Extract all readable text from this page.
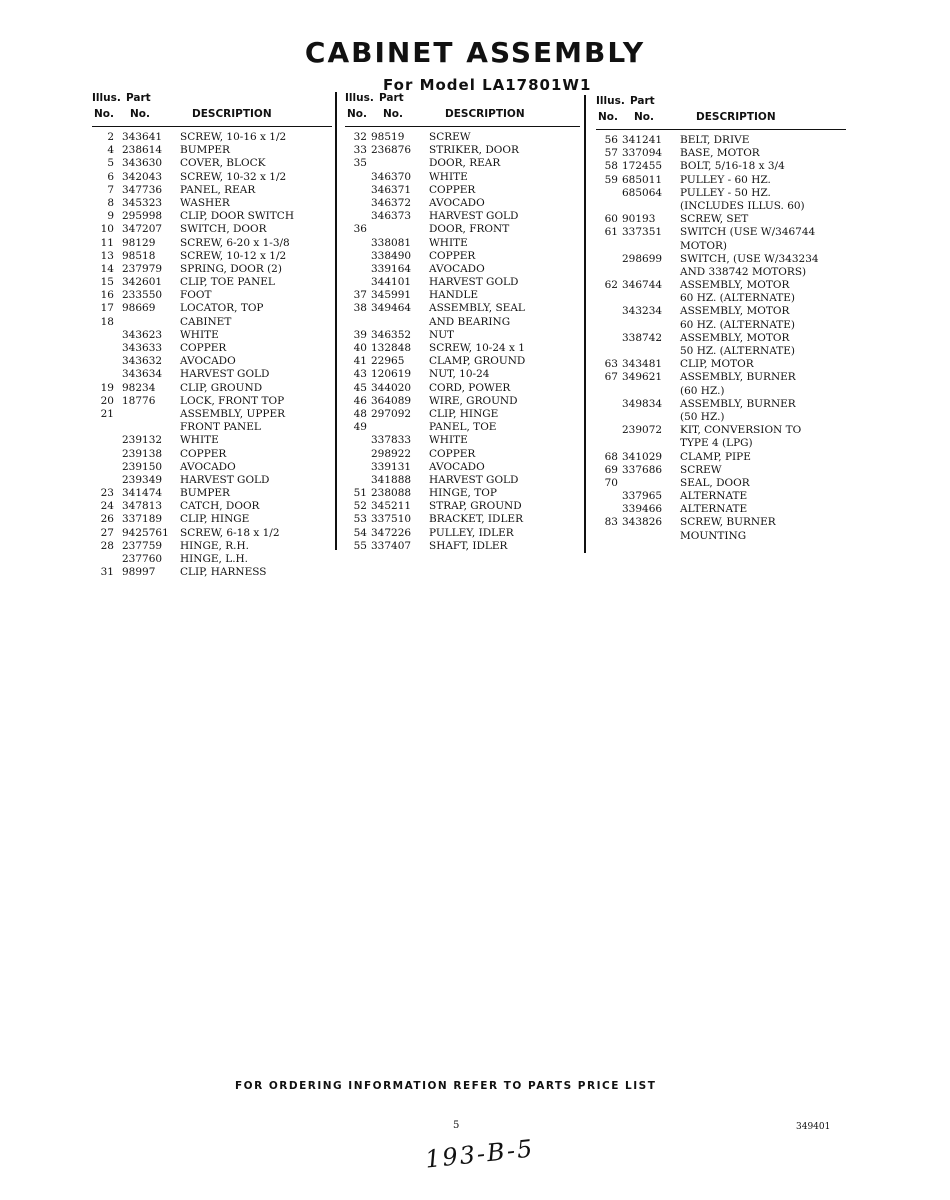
CABINET ASSEMBLY
For Model LA17801W1
Illus. Part
No. No.	DESCRIPTION
2 343641 SCREW, 10-16 x 1/2
4 238614 BUMPER
5 343630 COVER, BLOCK
6 342043 SCREW, 10-32 x 1/2
7 347736 PANEL, REAR
8 345323 WASHER
9 295998 CLIP, DOOR SWITCH
10 347207 SWITCH, DOOR
11 98129 SCREW, 6-20 x 1-3/8
13 98518 SCREW, 10-12 x 1/2
14 237979 SPRING, DOOR (2)
15 342601 CLIP, TOE PANEL
16 233550 FOOT
17 98669 LOCATOR, TOP
18	CABINET
343623 WHITE
343633 COPPER
343632 AVOCADO
343634 HARVEST GOLD
19 98234 CLIP, GROUND
20 18776 LOCK, FRONT TOP
21	ASSEMBLY, UPPER
FRONT PANEL
239132 WHITE
239138 COPPER
239150 AVOCADO
239349 HARVEST GOLD
23 341474 BUMPER
24 347813 CATCH, DOOR
26 337189 CLIP, HINGE
27 9425761 SCREW, 6-18 x 1/2
28 237759 HINGE, R.H.
237760 HINGE, L.H.
31 98997 CLIP, HARNESS
Illus. Part
No. No.	DESCRIPTION
32 98519 SCREW
33 236876 STRIKER, DOOR
35	DOOR, REAR
346370 WHITE
346371 COPPER
346372 AVOCADO
346373 HARVEST GOLD
36	DOOR, FRONT
338081 WHITE
338490 COPPER
339164 AVOCADO
344101 HARVEST GOLD
37 345991 HANDLE
38 349464 ASSEMBLY, SEAL
AND BEARING
39 346352 NUT
40 132848 SCREW, 10-24 x 1
41 22965 CLAMP, GROUND
43 120619 NUT, 10-24
45 344020 CORD, POWER
46 364089 WIRE, GROUND
48 297092 CLIP, HINGE
49	PANEL, TOE
337833 WHITE
298922 COPPER
339131 AVOCADO
341888 HARVEST GOLD
51 238088 HINGE, TOP
52 345211 STRAP, GROUND
53 337510 BRACKET, IDLER
54 347226 PULLEY, IDLER
55 337407 SHAFT, IDLER
Illus. Part
No. No.	DESCRIPTION
56 341241 BELT, DRIVE
57 337094 BASE, MOTOR
58 172455 BOLT, 5/16-18 x 3/4
59 685011 PULLEY - 60 HZ.
685064 PULLEY - 50 HZ.
(INCLUDES ILLUS. 60)
60 90193 SCREW, SET
61 337351 SWITCH (USE W/346744
MOTOR)
298699 SWITCH, (USE W/343234
AND 338742 MOTORS)
62 346744 ASSEMBLY, MOTOR
60 HZ. (ALTERNATE)
343234 ASSEMBLY, MOTOR
60 HZ. (ALTERNATE)
338742 ASSEMBLY, MOTOR
50 HZ. (ALTERNATE)
63 343481 CLIP, MOTOR
67 349621 ASSEMBLY, BURNER
(60 HZ.)
349834 ASSEMBLY, BURNER
(50 HZ.)
239072 KIT, CONVERSION TO
TYPE 4 (LPG)
68 341029 CLAMP, PIPE
69 337686 SCREW
70	SEAL, DOOR
337965 ALTERNATE
339466 ALTERNATE
83 343826 SCREW, BURNER
MOUNTING
FOR ORDERING INFORMATION REFER TO PARTS PRICE LIST
5	349401
193-B-5
